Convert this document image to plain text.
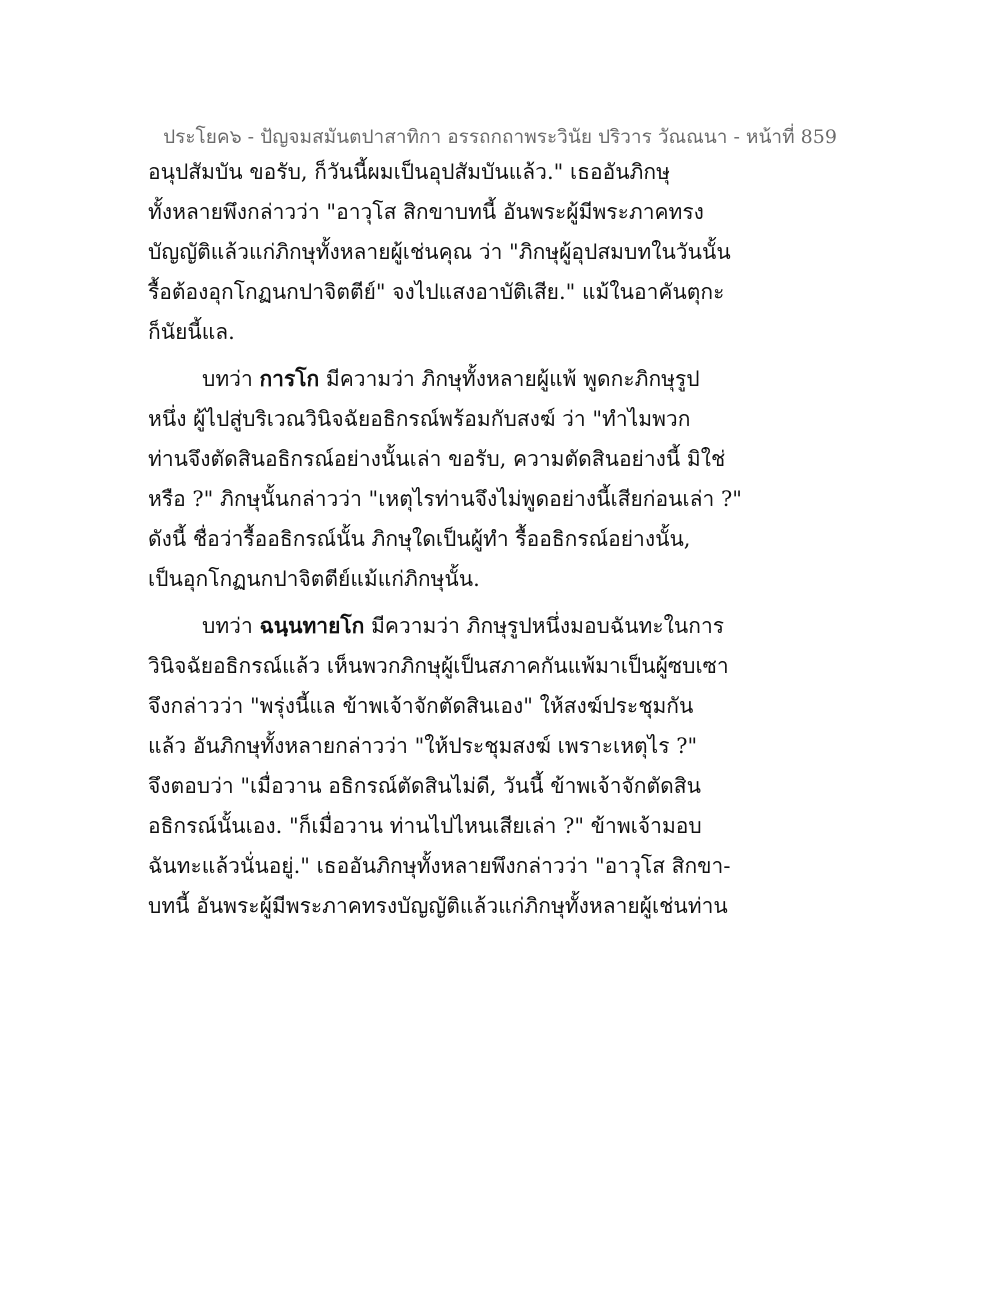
ประโยค๖ - ปัญจมสมันตปาสาทิกา อรรถกถาพระวินัย ปริวาร วัณณนา - หน้าที่ 859
อนุปสัมบัน ขอรับ, ก็วันนี้ผมเป็นอุปสัมบันแล้ว." เธออันภิกษุ
ทั้งหลายพึงกล่าวว่า "อาวุโส สิกขาบทนี้ อันพระผู้มีพระภาคทรง
บัญญัติแล้วแก่ภิกษุทั้งหลายผู้เช่นคุณ ว่า "ภิกษุผู้อุปสมบทในวันนั้น
รื้อต้องอุกโกฏนกปาจิตตีย์" จงไปแสงอาบัติเสีย." แม้ในอาคันตุกะ
ก็นัยนี้แล.
บทว่า การโก มีความว่า ภิกษุทั้งหลายผู้แพ้ พูดกะภิกษุรูป
หนึ่ง ผู้ไปสู่บริเวณวินิจฉัยอธิกรณ์พร้อมกับสงฆ์ ว่า "ทำไมพวก
ท่านจึงตัดสินอธิกรณ์อย่างนั้นเล่า ขอรับ, ความตัดสินอย่างนี้ มิใช่
หรือ ?" ภิกษุนั้นกล่าวว่า "เหตุไรท่านจึงไม่พูดอย่างนี้เสียก่อนเล่า ?"
ดังนี้ ชื่อว่ารื้ออธิกรณ์นั้น ภิกษุใดเป็นผู้ทำ รื้ออธิกรณ์อย่างนั้น,
เป็นอุกโกฏนกปาจิตตีย์แม้แก่ภิกษุนั้น.
บทว่า ฉนฺนทายโก มีความว่า ภิกษุรูปหนึ่งมอบฉันทะในการ
วินิจฉัยอธิกรณ์แล้ว เห็นพวกภิกษุผู้เป็นสภาคกันแพ้มาเป็นผู้ซบเซา
จึงกล่าวว่า "พรุ่งนี้แล ข้าพเจ้าจักตัดสินเอง" ให้สงฆ์ประชุมกัน
แล้ว อันภิกษุทั้งหลายกล่าวว่า "ให้ประชุมสงฆ์ เพราะเหตุไร ?"
จึงตอบว่า "เมื่อวาน อธิกรณ์ตัดสินไม่ดี, วันนี้ ข้าพเจ้าจักตัดสิน
อธิกรณ์นั้นเอง. "ก็เมื่อวาน ท่านไปไหนเสียเล่า ?" ข้าพเจ้ามอบ
ฉันทะแล้วนั่นอยู่." เธออันภิกษุทั้งหลายพึงกล่าวว่า "อาวุโส สิกขา-
บทนี้ อันพระผู้มีพระภาคทรงบัญญัติแล้วแก่ภิกษุทั้งหลายผู้เช่นท่าน
